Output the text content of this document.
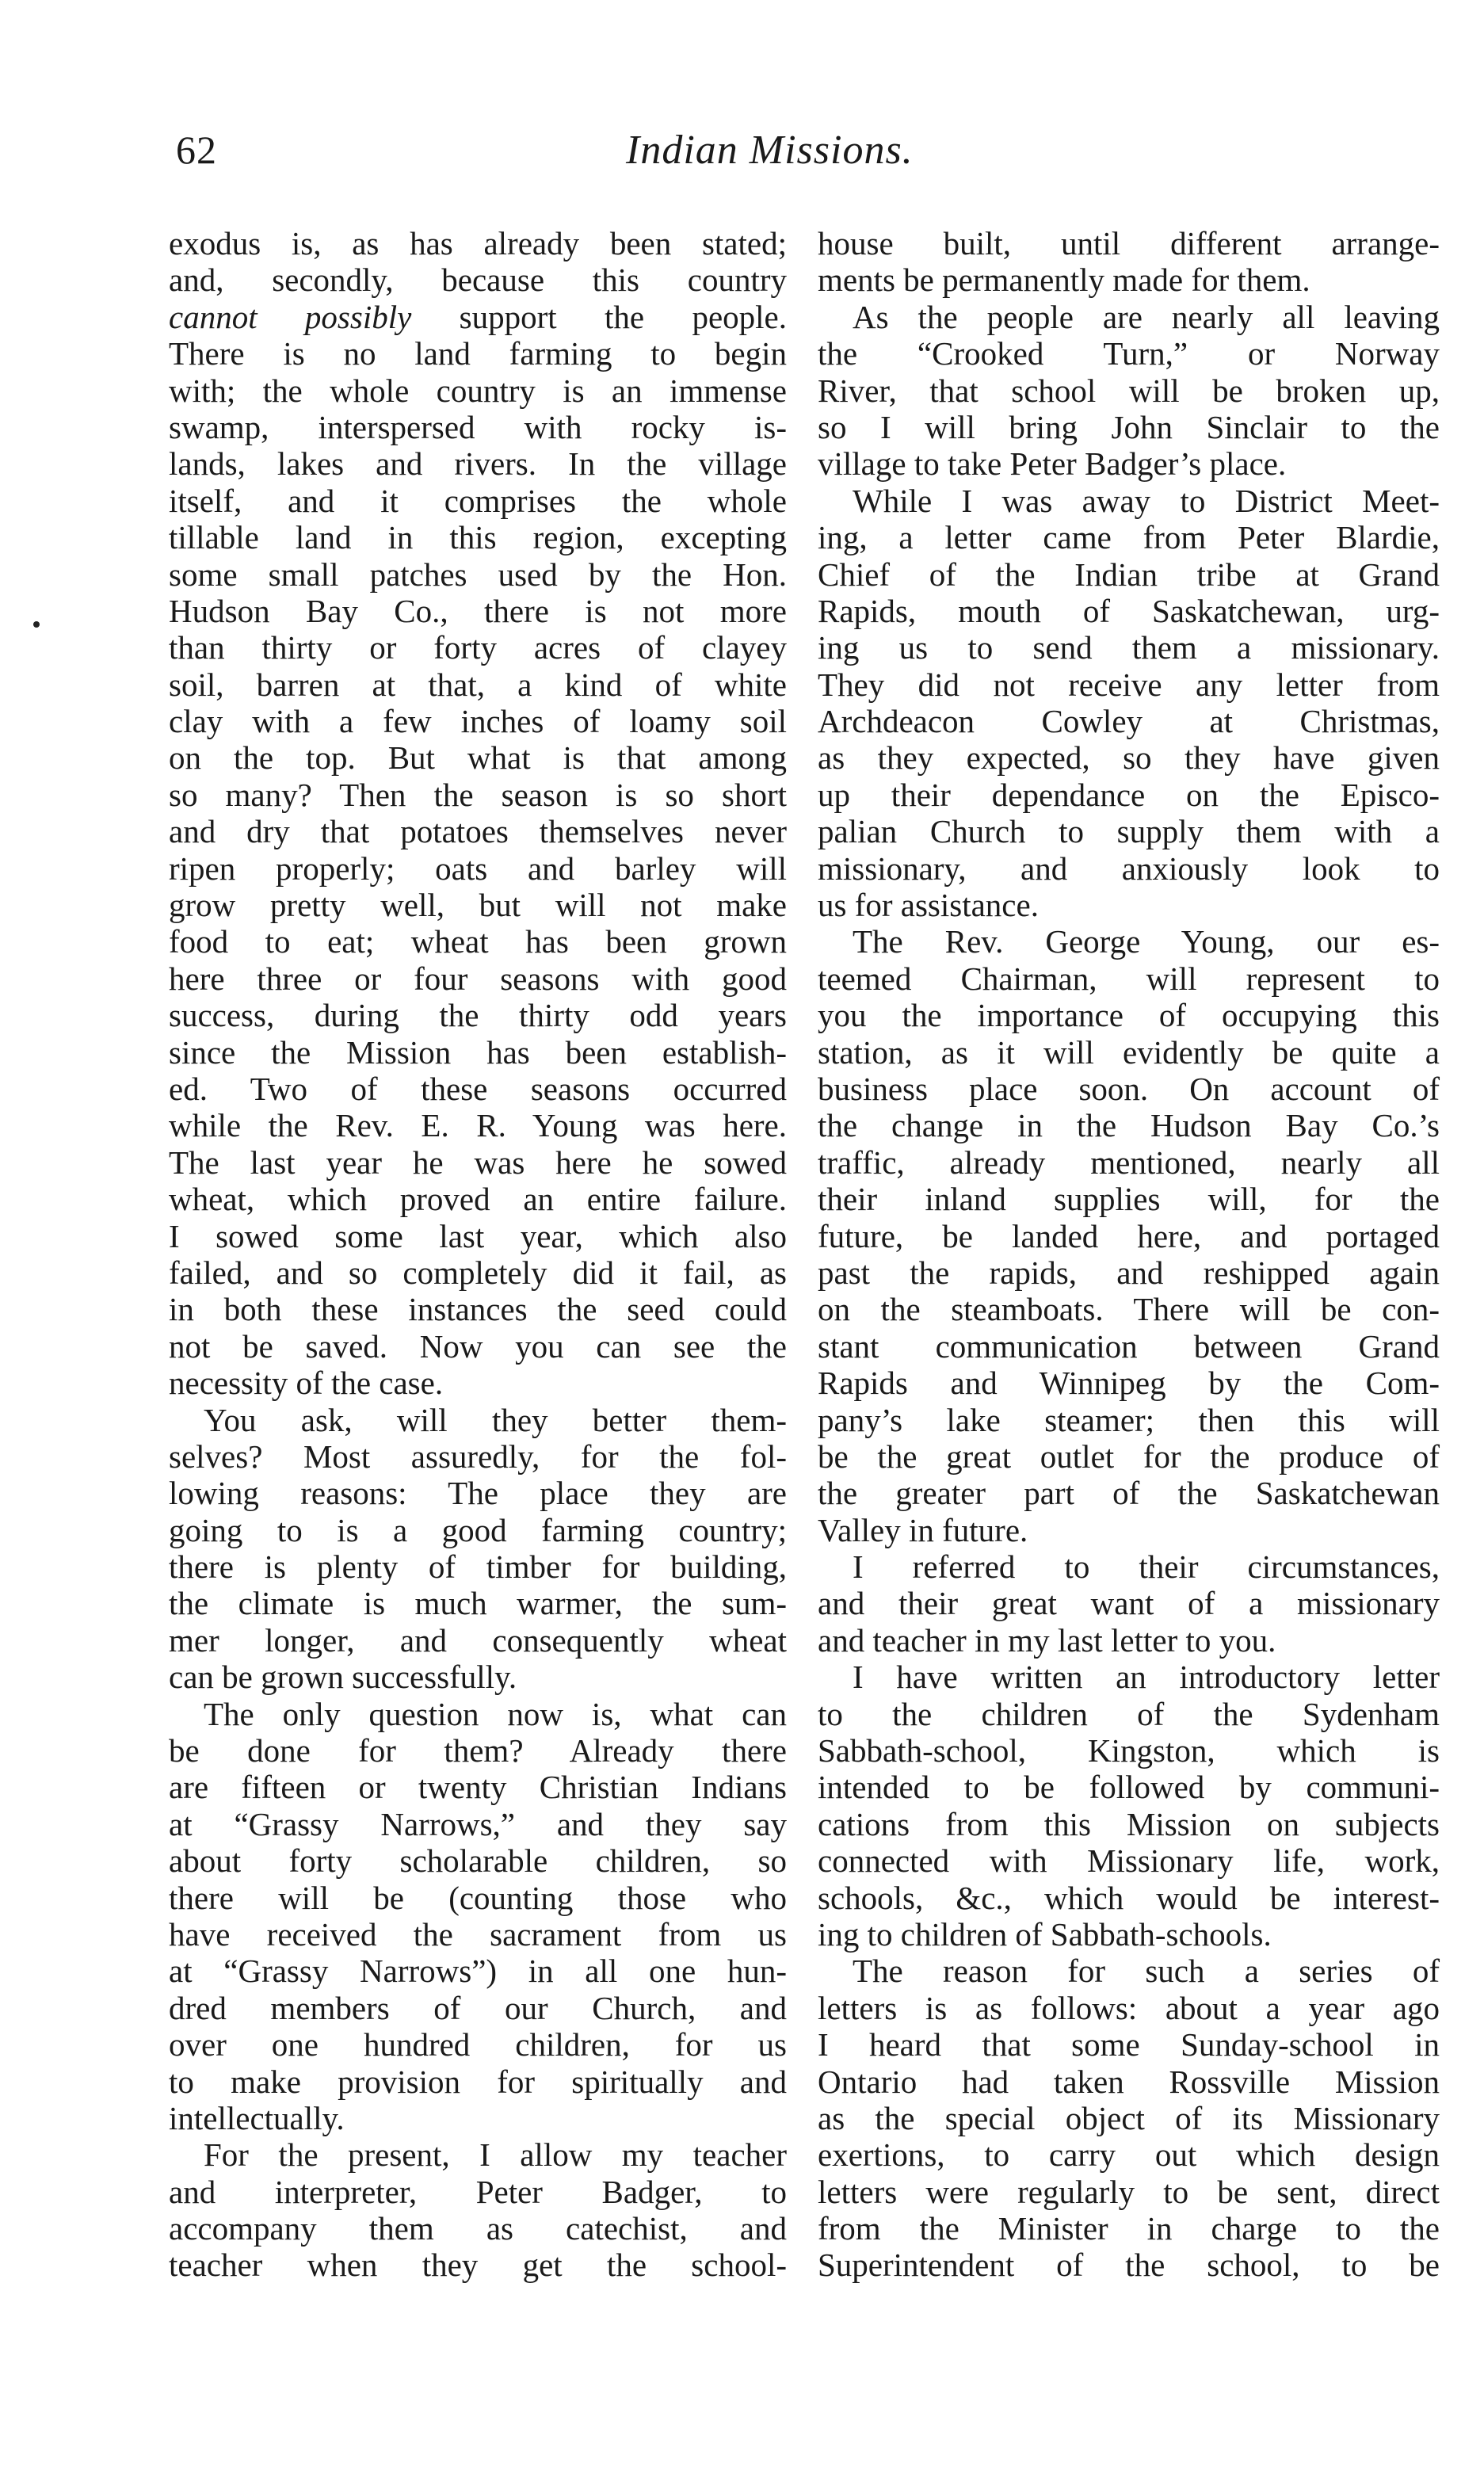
62	Indian Missions.
exodus is, as has already been stated;
and, secondly, because this country
cannot possibly support the people.
There is no land farming to begin
with; the whole country is an immense
swamp, interspersed with rocky is-
lands, lakes and rivers. In the village
itself, and it comprises the whole
tillable land in this region, excepting
some small patches used by the Hon.
Hudson Bay Co., there is not more
than thirty or forty acres of clayey
soil, barren at that, a kind of white
clay with a few inches of loamy soil
on the top. But what is that among
so many? Then the season is so short
and dry that potatoes themselves never
ripen properly; oats and barley will
grow pretty well, but will not make
food to eat; wheat has been grown
here three or four seasons with good
success, during the thirty odd years
since the Mission has been establish-
ed. Two of these seasons occurred
while the Rev. E. R. Young was here.
The last year he was here he sowed
wheat, which proved an entire failure.
I sowed some last year, which also
failed, and so completely did it fail, as
in both these instances the seed could
not be saved. Now you can see the
necessity of the case.
You ask, will they better them-
selves? Most assuredly, for the fol-
lowing reasons: The place they are
going to is a good farming country;
there is plenty of timber for building,
the climate is much warmer, the sum-
mer longer, and consequently wheat
can be grown successfully.
The only question now is, what can
be done for them? Already there
are fifteen or twenty Christian Indians
at “Grassy Narrows,” and they say
about forty scholarable children, so
there will be (counting those who
have received the sacrament from us
at “Grassy Narrows”) in all one hun-
dred members of our Church, and
over one hundred children, for us
to make provision for spiritually and
intellectually.
For the present, I allow my teacher
and interpreter, Peter Badger, to
accompany them as catechist, and
teacher when they get the school-
house built, until different arrange-
ments be permanently made for them.
As the people are nearly all leaving
the “Crooked Turn,” or Norway
River, that school will be broken up,
so I will bring John Sinclair to the
village to take Peter Badger’s place.
While I was away to District Meet-
ing, a letter came from Peter Blardie,
Chief of the Indian tribe at Grand
Rapids, mouth of Saskatchewan, urg-
ing us to send them a missionary.
They did not receive any letter from
Archdeacon Cowley at Christmas,
as they expected, so they have given
up their dependance on the Episco-
palian Church to supply them with a
missionary, and anxiously look to
us for assistance.
The Rev. George Young, our es-
teemed Chairman, will represent to
you the importance of occupying this
station, as it will evidently be quite a
business place soon. On account of
the change in the Hudson Bay Co.’s
traffic, already mentioned, nearly all
their inland supplies will, for the
future, be landed here, and portaged
past the rapids, and reshipped again
on the steamboats. There will be con-
stant communication between Grand
Rapids and Winnipeg by the Com-
pany’s lake steamer; then this will
be the great outlet for the produce of
the greater part of the Saskatchewan
Valley in future.
I referred to their circumstances,
and their great want of a missionary
and teacher in my last letter to you.
I have written an introductory letter
to the children of the Sydenham
Sabbath-school, Kingston, which is
intended to be followed by communi-
cations from this Mission on subjects
connected with Missionary life, work,
schools, &c., which would be interest-
ing to children of Sabbath-schools.
The reason for such a series of
letters is as follows: about a year ago
I heard that some Sunday-school in
Ontario had taken Rossville Mission
as the special object of its Missionary
exertions, to carry out which design
letters were regularly to be sent, direct
from the Minister in charge to the
Superintendent of the school, to be
